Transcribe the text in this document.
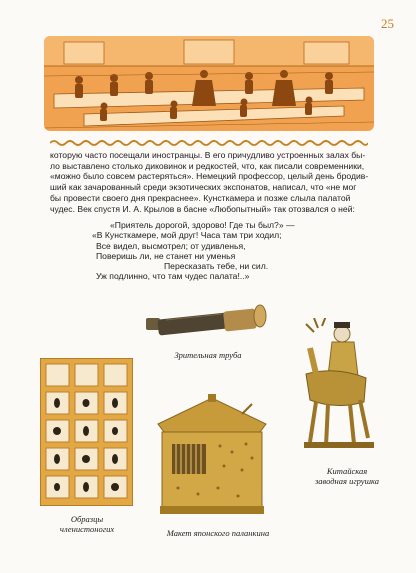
25
которую часто посещали иностранцы. В его причудливо устроенных залах бы-
ло выставлено столько диковинок и редкостей, что, как писали современники,
«можно было совсем растеряться». Немецкий профессор, целый день бродив-
ший как зачарованный среди экзотических экспонатов, написал, что «не мог
бы провести своего дня прекраснее». Кунсткамера и позже слыла палатой
чудес. Век спустя И. А. Крылов в басне «Любопытный» так отозвался о ней:
«Приятель дорогой, здорово! Где ты был?» —
«В Кунсткамере, мой друг! Часа там три ходил;
Все видел, высмотрел; от удивленья,
Поверишь ли, не станет ни уменья
Пересказать тебе, ни сил.
Уж подлинно, что там чудес палата!..»
Зрительная труба
Образцы
членистоногих	Макет японского паланкина
Китайская
заводная игрушка
